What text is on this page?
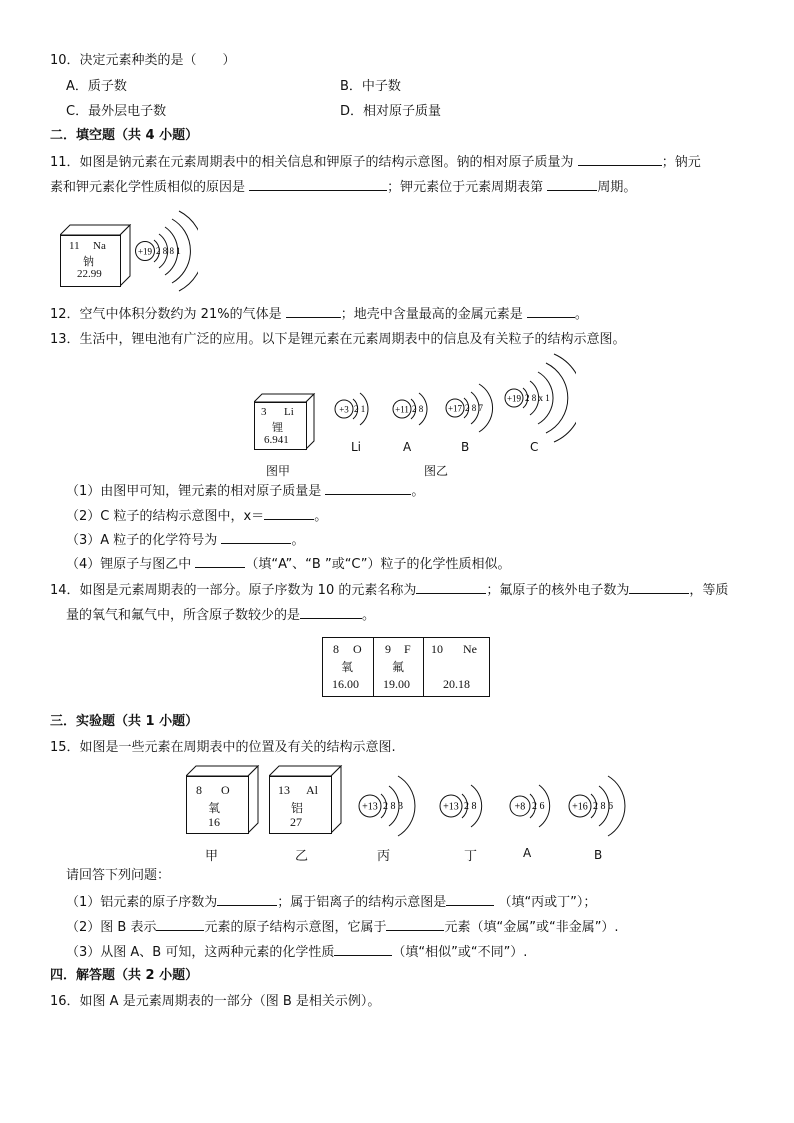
10．决定元素种类的是（　　）
A．质子数	B．中子数
C．最外层电子数	D．相对原子质量
二．填空题（共 4 小题）
11．如图是钠元素在元素周期表中的相关信息和钾原子的结构示意图。钠的相对原子质量为	；钠元
素和钾元素化学性质相似的原因是	；钾元素位于元素周期表第	周期。
11 Na
钠
22.99
+19 2 8 8 1
12．空气中体积分数约为 21%的气体是	；地壳中含量最高的金属元素是	。
13．生活中，锂电池有广泛的应用。以下是锂元素在元素周期表中的信息及有关粒子的结构示意图。
3 Li
锂
6.941
图甲
+3 2 1
Li
+11 2 8
A
+17 2 8 7
B
图乙
+19 2 8 x 1
C
（1）由图甲可知，锂元素的相对原子质量是	。
（2）C 粒子的结构示意图中，x＝	。
（3）A 粒子的化学符号为	。
（4）锂原子与图乙中	（填“A”、“B ”或“C”）粒子的化学性质相似。
14．如图是元素周期表的一部分。原子序数为 10 的元素名称为	；氟原子的核外电子数为	，等质
量的氧气和氟气中，所含原子数较少的是	。
8 O
氧
16.00
9 F
氟
19.00
10 Ne
20.18
三．实验题（共 1 小题）
15．如图是一些元素在周期表中的位置及有关的结构示意图.
8 O
氧
16
甲
13 Al
铝
27
乙
+13 2 8 3
丙
+13 2 8
丁
+8 2 6
A
+16 2 8 6
B
请回答下列问题：
（1）铝元素的原子序数为	；属于铝离子的结构示意图是	（填“丙或丁”）；
（2）图 B 表示	元素的原子结构示意图，它属于	元素（填“金属”或“非金属”）.
（3）从图 A、B 可知，这两种元素的化学性质	（填“相似”或“不同”）.
四．解答题（共 2 小题）
16．如图 A 是元素周期表的一部分（图 B 是相关示例）。
